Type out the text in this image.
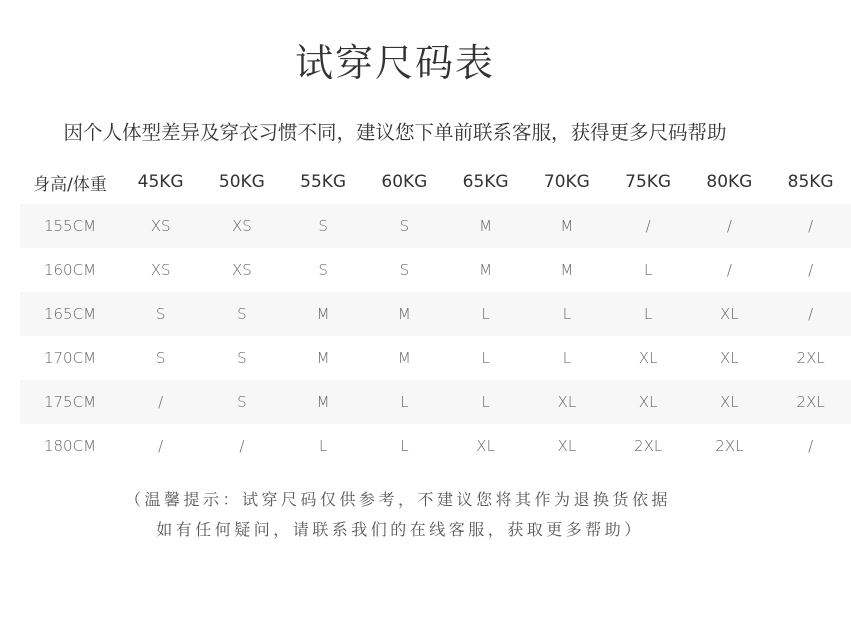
试穿尺码表
因个人体型差异及穿衣习惯不同，建议您下单前联系客服，获得更多尺码帮助
身高/体重	45KG	50KG	55KG	60KG	65KG	70KG	75KG	80KG	85KG
155CM	XS	XS	S	S	M	M	/	/	/
160CM	XS	XS	S	S	M	M	L	/	/
165CM	S	S	M	M	L	L	L	XL	/
170CM	S	S	M	M	L	L	XL	XL	2XL
175CM	/	S	M	L	L	XL	XL	XL	2XL
180CM	/	/	L	L	XL	XL	2XL	2XL	/
（温馨提示：试穿尺码仅供参考，不建议您将其作为退换货依据
如有任何疑问，请联系我们的在线客服，获取更多帮助）
